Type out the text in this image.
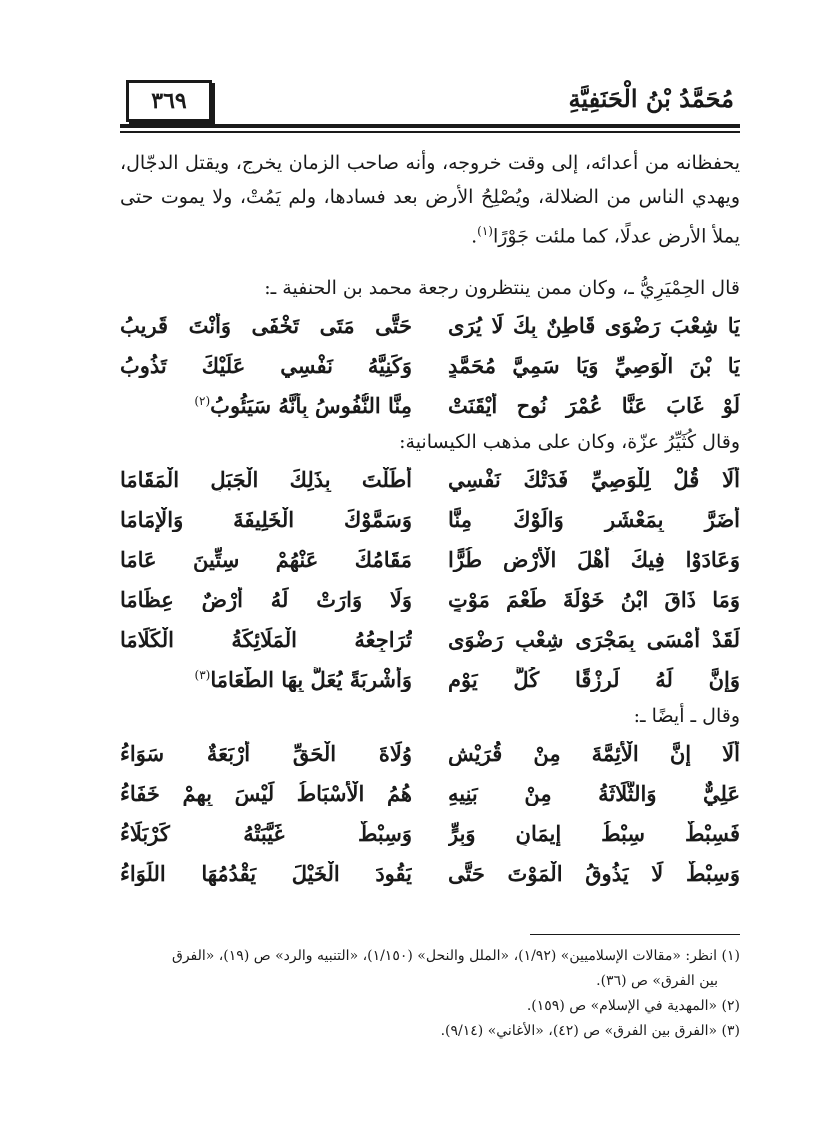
مُحَمَّدُ بْنُ الْحَنَفِيَّةِ
٣٦٩

يحفظانه من أعدائه، إلى وقت خروجه، وأنه صاحب الزمان يخرج، ويقتل الدجّال،

ويهدي الناس من الضلالة، ويُصْلِحُ الأرض بعد فسادها، ولم يَمُتْ، ولا يموت حتى

يملأ الأرض عدلًا، كما ملئت جَوْرًا$^{(١)}$.

قال الحِمْيَرِيُّ ـ، وكان ممن ينتظرون رجعة محمد بن الحنفية ـ:

يَا شِعْبَ رَضْوَى قَاطِنٌ بِكَ لَا يُرَى
حَتَّى مَتَى تَخْفَى وَأَنْتَ قَرِيبُ
يَا بْنَ الْوَصِيِّ وَيَا سَمِيَّ مُحَمَّدٍ
وَكَنِيَّهُ نَفْسِي عَلَيْكَ تَذُوبُ
لَوْ غَابَ عَنَّا عُمْرَ نُوحٍ أَيْقَنَتْ
مِنَّا النُّفُوسُ بِأَنَّهُ سَيَئُوبُ$^{(٢)}$

وقال كُثَيِّرُ عزّة، وكان على مذهب الكيسانية:

أَلَا قُلْ لِلْوَصِيِّ فَدَتْكَ نَفْسِي
أَطَلْتَ بِذَلِكَ الْجَبَلِ الْمَقَامَا
أَضَرَّ بِمَعْشَرٍ وَالَوْكَ مِنَّا
وَسَمَّوْكَ الْخَلِيفَةَ وَالْإِمَامَا
وَعَادَوْا فِيكَ أَهْلَ الْأَرْضِ طُرًّا
مَقَامُكَ عَنْهُمْ سِتِّينَ عَامَا
وَمَا ذَاقَ ابْنُ خَوْلَةَ طَعْمَ مَوْتٍ
وَلَا وَارَتْ لَهُ أَرْضٌ عِظَامَا
لَقَدْ أَمْسَى بِمَجْرَى شِعْبِ رَضْوَى
تُرَاجِعُهُ الْمَلَائِكَةُ الْكَلَامَا
وَإِنَّ لَهُ لَرِزْقًا كُلَّ يَوْمٍ
وَأَشْرِبَةً يُعَلُّ بِهَا الطَّعَامَا$^{(٣)}$

وقال ـ أيضًا ـ:

أَلَا إِنَّ الْأَئِمَّةَ مِنْ قُرَيْشٍ
وُلَاةَ الْحَقِّ أَرْبَعَةٌ سَوَاءُ
عَلِيٌّ وَالثَّلَاثَةُ مِنْ بَنِيهِ
هُمُ الْأَسْبَاطُ لَيْسَ بِهِمْ خَفَاءُ
فَسِبْطٌ سِبْطُ إِيمَانٍ وَبِرٍّ
وَسِبْطٌ غَيَّبَتْهُ كَرْبَلَاءُ
وَسِبْطٌ لَا يَذُوقُ الْمَوْتَ حَتَّى
يَقُودَ الْخَيْلَ يَقْدُمُهَا اللِّوَاءُ

(١) انظر: «مقالات الإسلاميين» (١/٩٢)، «الملل والنحل» (١/١٥٠)، «التنبيه والرد» ص (١٩)، «الفرق

بين الفرق» ص (٣٦).

(٢) «المهدية في الإسلام» ص (١٥٩).

(٣) «الفرق بين الفرق» ص (٤٢)، «الأغاني» (٩/١٤).
